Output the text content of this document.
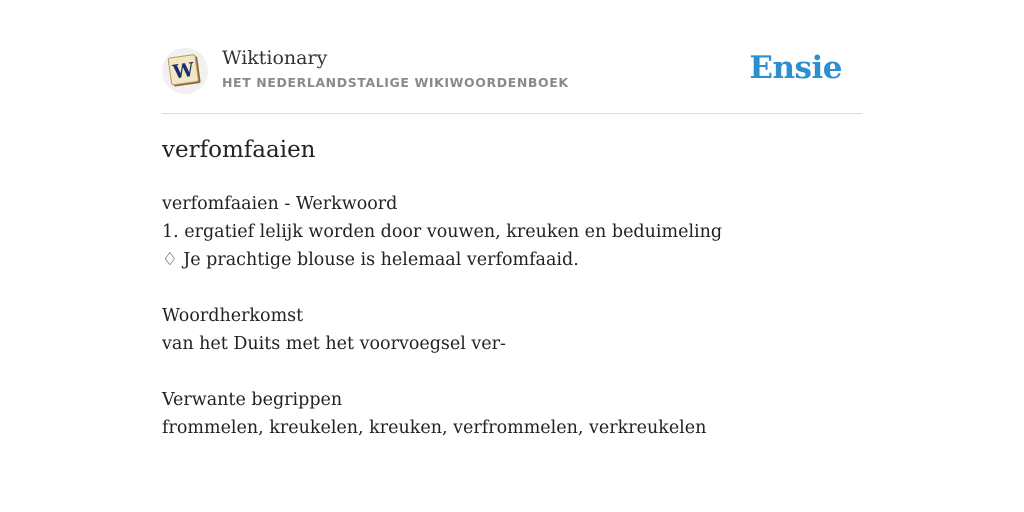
W
Wiktionary
HET NEDERLANDSTALIGE WIKIWOORDENBOEK	Ensie
verfomfaaien
verfomfaaien - Werkwoord
1. ergatief lelijk worden door vouwen, kreuken en beduimeling
♢ Je prachtige blouse is helemaal verfomfaaid.
Woordherkomst
van het Duits met het voorvoegsel ver-
Verwante begrippen
frommelen, kreukelen, kreuken, verfrommelen, verkreukelen
